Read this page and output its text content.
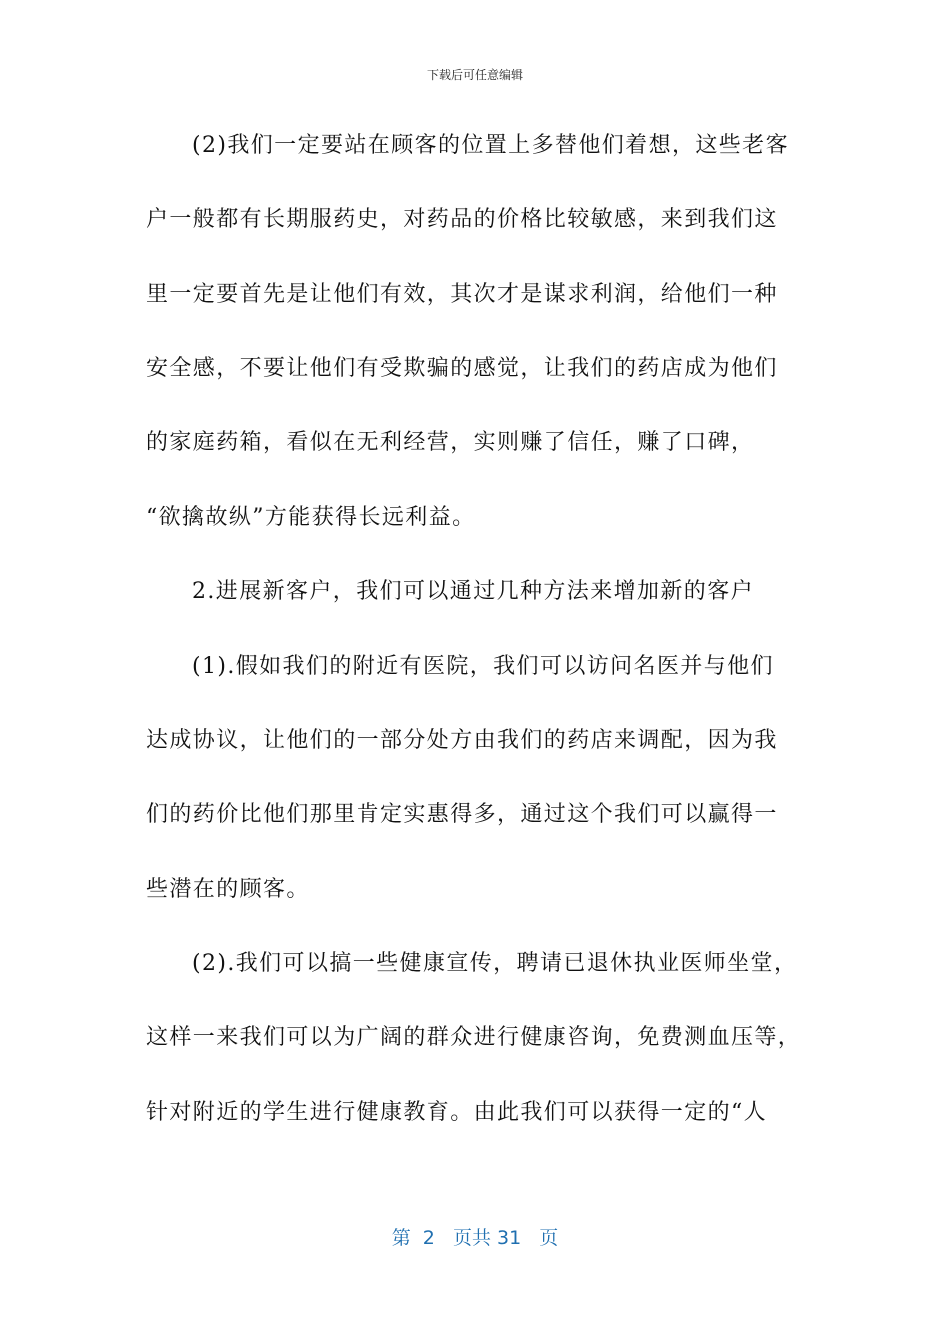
下载后可任意编辑
(2)我们一定要站在顾客的位置上多替他们着想，这些老客
户一般都有长期服药史，对药品的价格比较敏感，来到我们这
里一定要首先是让他们有效，其次才是谋求利润，给他们一种
安全感，不要让他们有受欺骗的感觉，让我们的药店成为他们
的家庭药箱，看似在无利经营，实则赚了信任，赚了口碑，
“欲擒故纵”方能获得长远利益。
2.进展新客户，我们可以通过几种方法来增加新的客户
(1).假如我们的附近有医院，我们可以访问名医并与他们
达成协议，让他们的一部分处方由我们的药店来调配，因为我
们的药价比他们那里肯定实惠得多，通过这个我们可以赢得一
些潜在的顾客。
(2).我们可以搞一些健康宣传，聘请已退休执业医师坐堂，
这样一来我们可以为广阔的群众进行健康咨询，免费测血压等，
针对附近的学生进行健康教育。由此我们可以获得一定的“人
第  2   页共 31   页
